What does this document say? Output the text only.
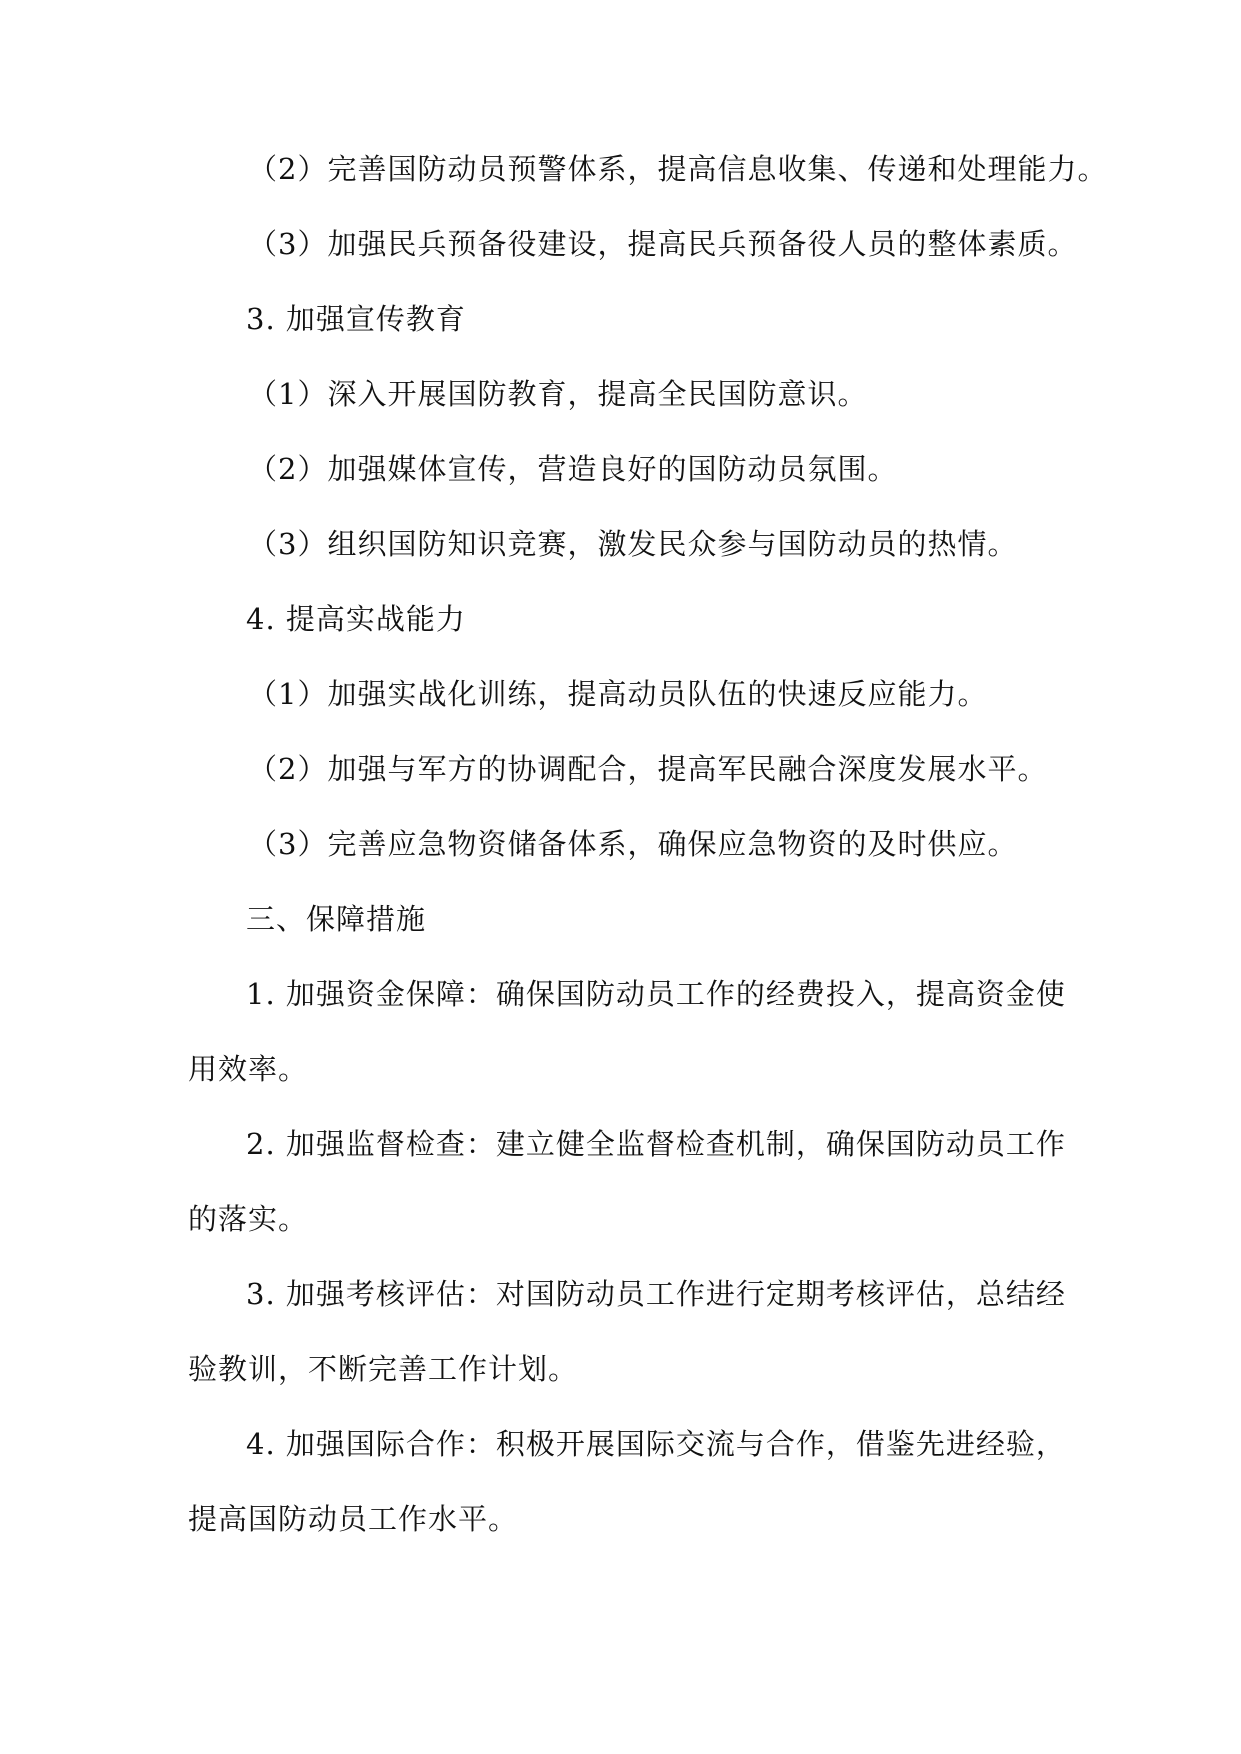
（2）完善国防动员预警体系，提高信息收集、传递和处理能力。
（3）加强民兵预备役建设，提高民兵预备役人员的整体素质。
3. 加强宣传教育
（1）深入开展国防教育，提高全民国防意识。
（2）加强媒体宣传，营造良好的国防动员氛围。
（3）组织国防知识竞赛，激发民众参与国防动员的热情。
4. 提高实战能力
（1）加强实战化训练，提高动员队伍的快速反应能力。
（2）加强与军方的协调配合，提高军民融合深度发展水平。
（3）完善应急物资储备体系，确保应急物资的及时供应。
三、保障措施
1. 加强资金保障：确保国防动员工作的经费投入，提高资金使
用效率。
2. 加强监督检查：建立健全监督检查机制，确保国防动员工作
的落实。
3. 加强考核评估：对国防动员工作进行定期考核评估，总结经
验教训，不断完善工作计划。
4. 加强国际合作：积极开展国际交流与合作，借鉴先进经验，
提高国防动员工作水平。
